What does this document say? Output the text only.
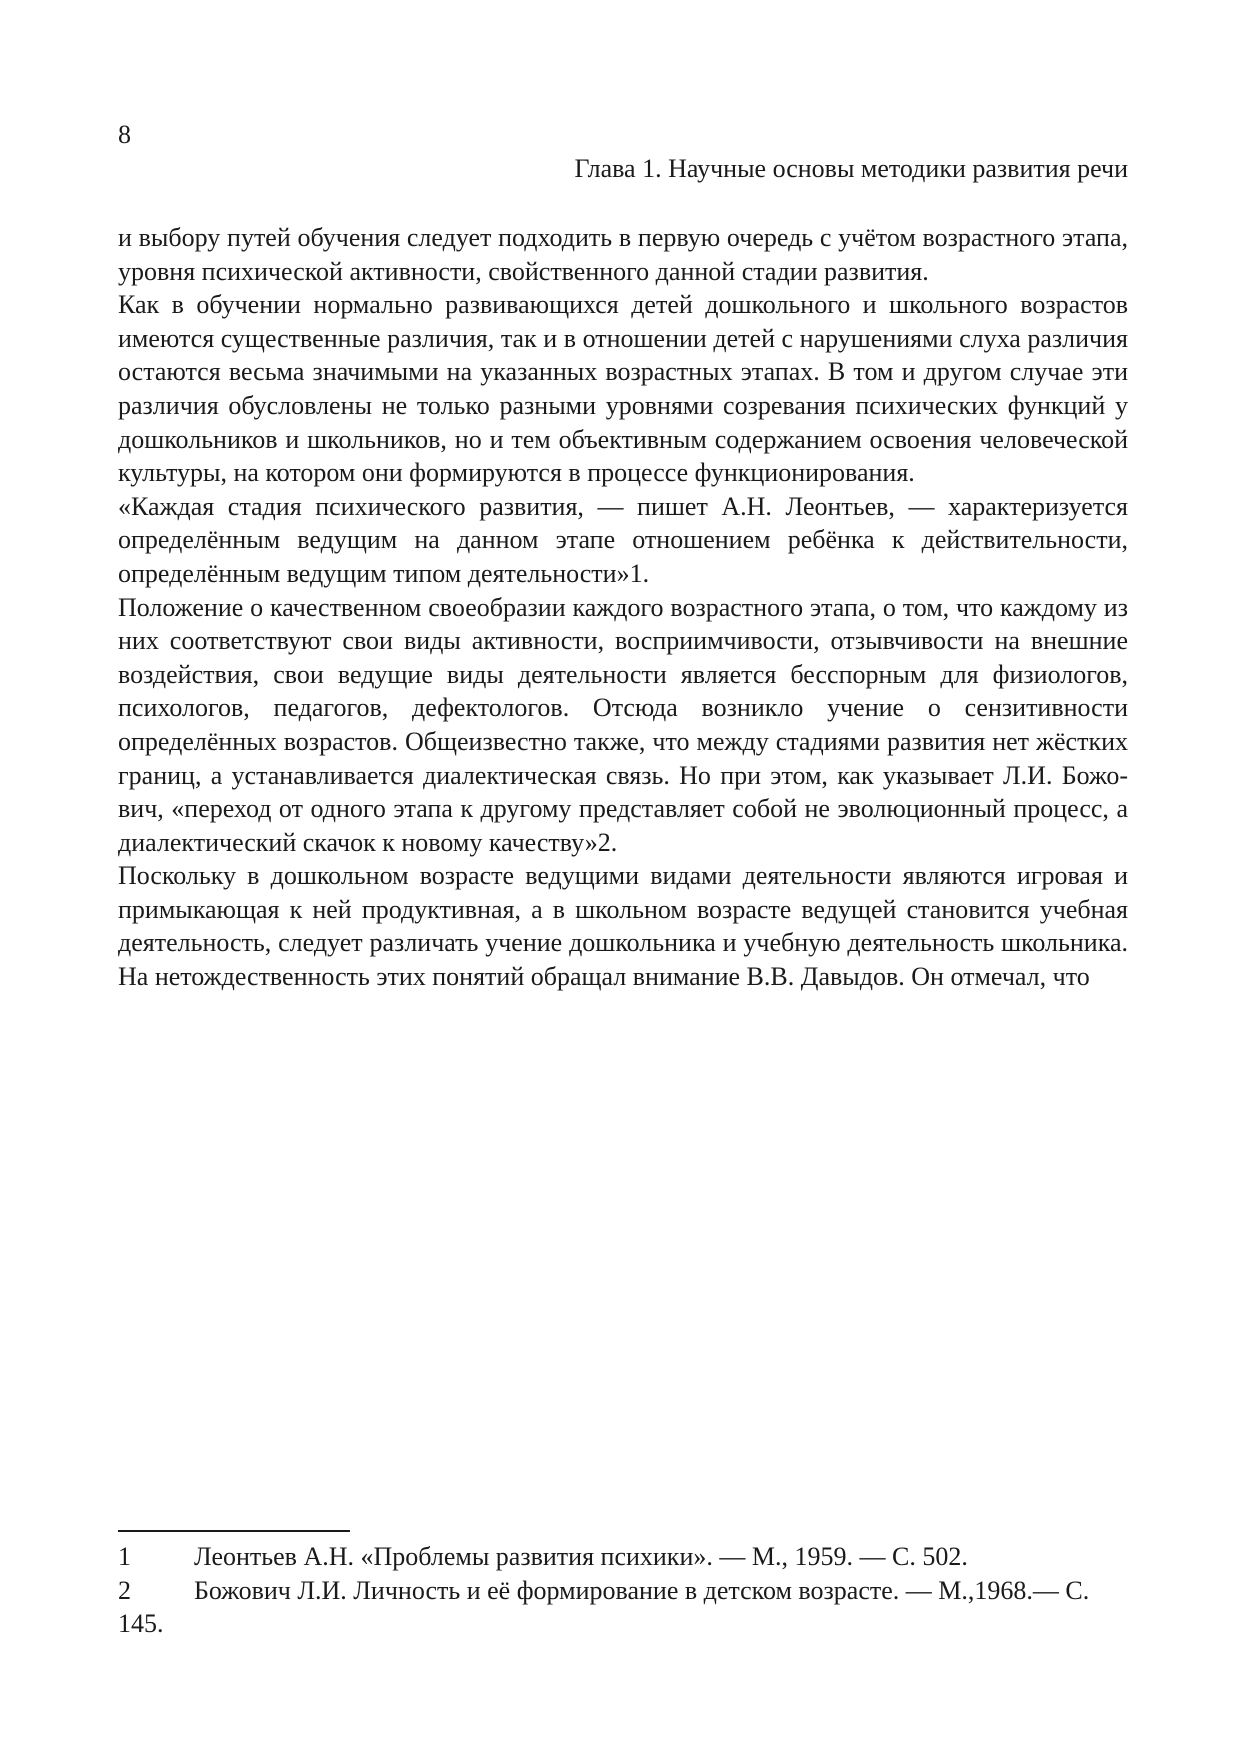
8
Глава 1. Научные основы методики развития речи

и выбору путей обучения следует подходить в первую очередь с учётом возрастного этапа, уровня психической активности, свойственного данной стадии развития.

Как в обучении нормально развивающихся детей дошкольного и школьного возрастов имеются существенные различия, так и в отношении детей с нарушениями слуха различия остаются весьма значимыми на указанных возрастных этапах. В том и другом случае эти различия обусловлены не только разными уровнями созревания психических функций у дошкольников и школьников, но и тем объективным содержанием освоения человеческой культуры, на котором они формируются в процессе функционирования.

«Каждая стадия психического развития, — пишет А.Н. Леонтьев, — характеризуется определённым ведущим на данном этапе отношением ребёнка к действительности, определённым ведущим типом деятельности»1.

Положение о качественном своеобразии каждого возрастного этапа, о том, что каждому из них соответствуют свои виды активности, восприимчивости, отзывчивости на внешние воздействия, свои ведущие виды деятельности является бесспорным для физиологов, психологов, педагогов, дефектологов. Отсюда возникло учение о сензитивности определённых возрастов. Общеизвестно также, что между стадиями развития нет жёстких границ, а устанавливается диалектическая связь. Но при этом, как указывает Л.И. Божович, «переход от одного этапа к другому представляет собой не эволюционный процесс, а диалектический скачок к новому качеству»2.

Поскольку в дошкольном возрасте ведущими видами деятельности являются игровая и примыкающая к ней продуктивная, а в школьном возрасте ведущей становится учебная деятельность, следует различать учение дошкольника и учебную деятельность школьника. На нетождественность этих понятий обращал внимание В.В. Давыдов. Он отмечал, что

1 Леонтьев А.Н. «Проблемы развития психики». — М., 1959. — С. 502.

2 Божович Л.И. Личность и её формирование в детском возрасте. — М.,1968.— С. 145.
